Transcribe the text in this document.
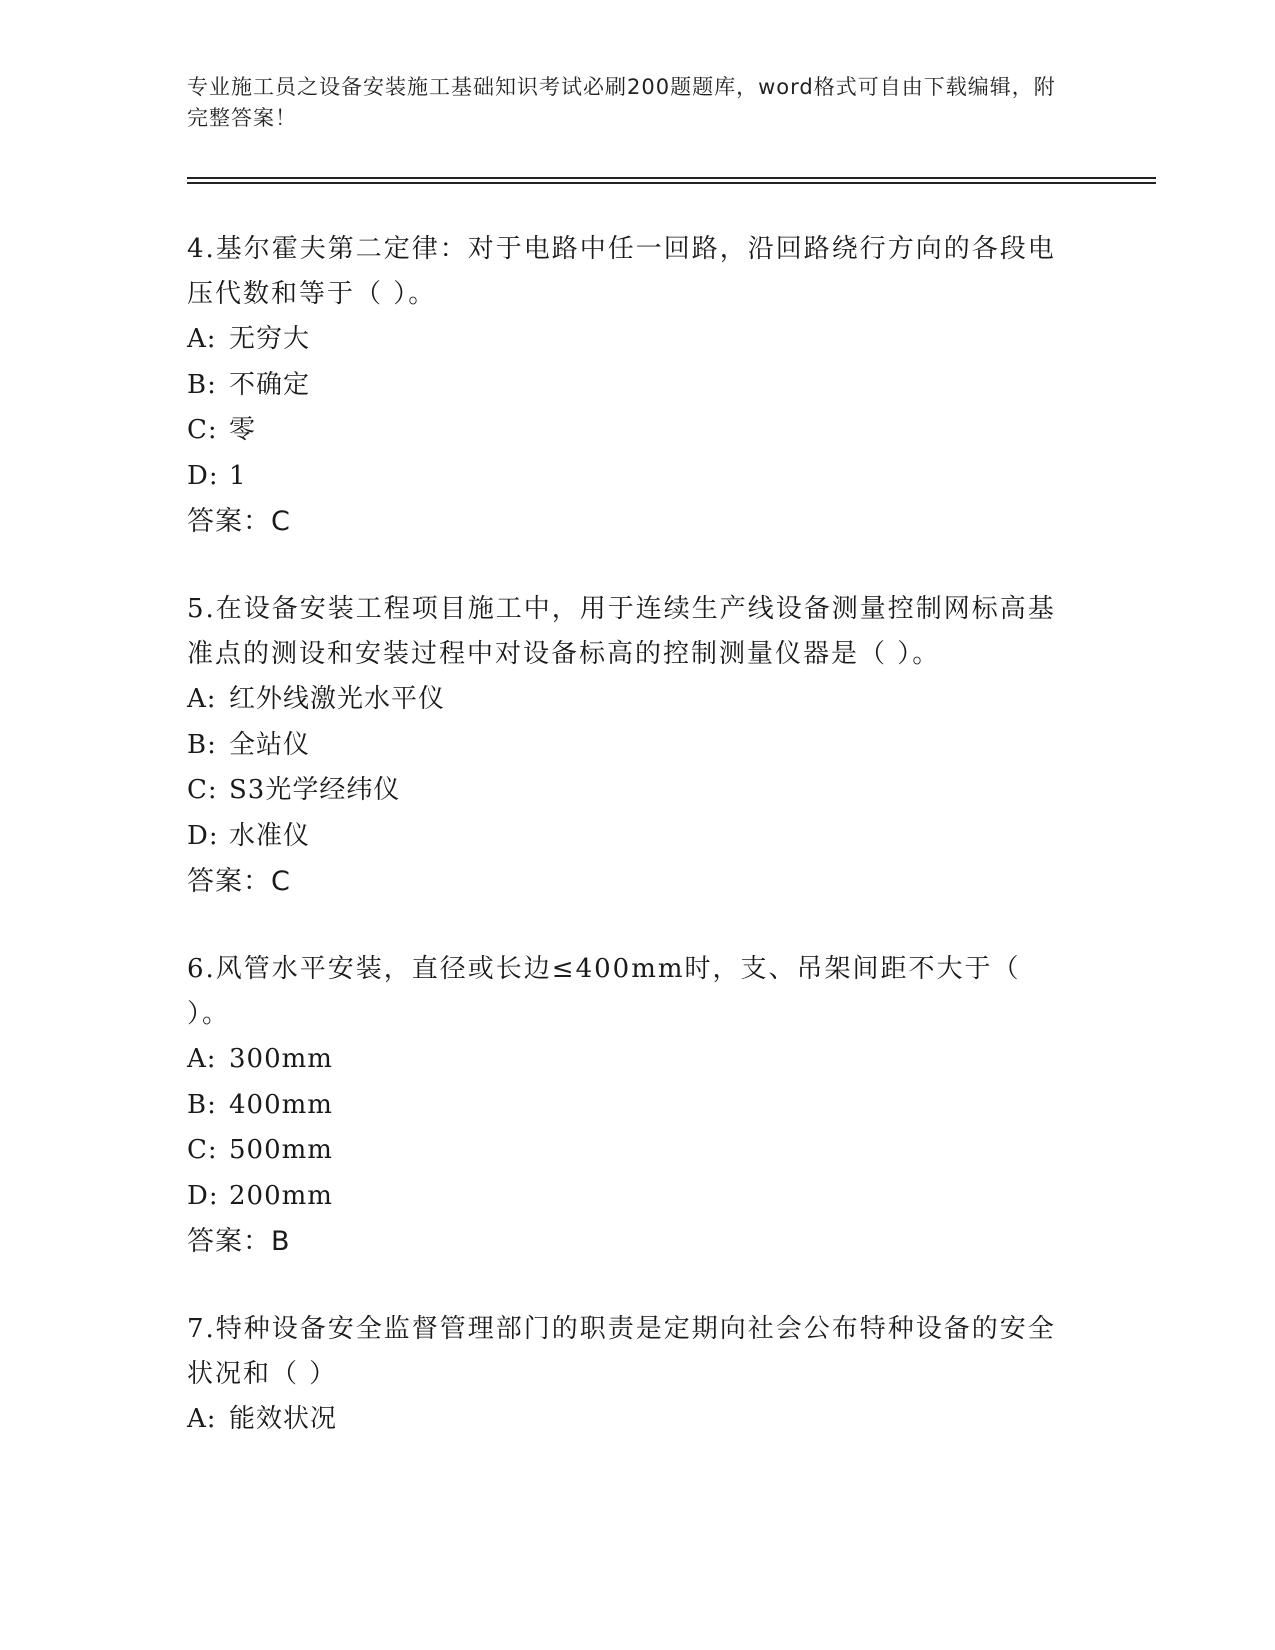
专业施工员之设备安装施工基础知识考试必刷200题题库，word格式可自由下载编辑，附完整答案！

4.基尔霍夫第二定律：对于电路中任一回路，沿回路绕行方向的各段电压代数和等于（ ）。

A: 无穷大

B: 不确定

C: 零

D: 1

答案：C

5.在设备安装工程项目施工中，用于连续生产线设备测量控制网标高基准点的测设和安装过程中对设备标高的控制测量仪器是（ ）。

A: 红外线激光水平仪

B: 全站仪

C: S3光学经纬仪

D: 水准仪

答案：C

6.风管水平安装，直径或长边≤400mm时，支、吊架间距不大于（ ）。

A: 300mm

B: 400mm

C: 500mm

D: 200mm

答案：B

7.特种设备安全监督管理部门的职责是定期向社会公布特种设备的安全状况和（ ）

A: 能效状况
